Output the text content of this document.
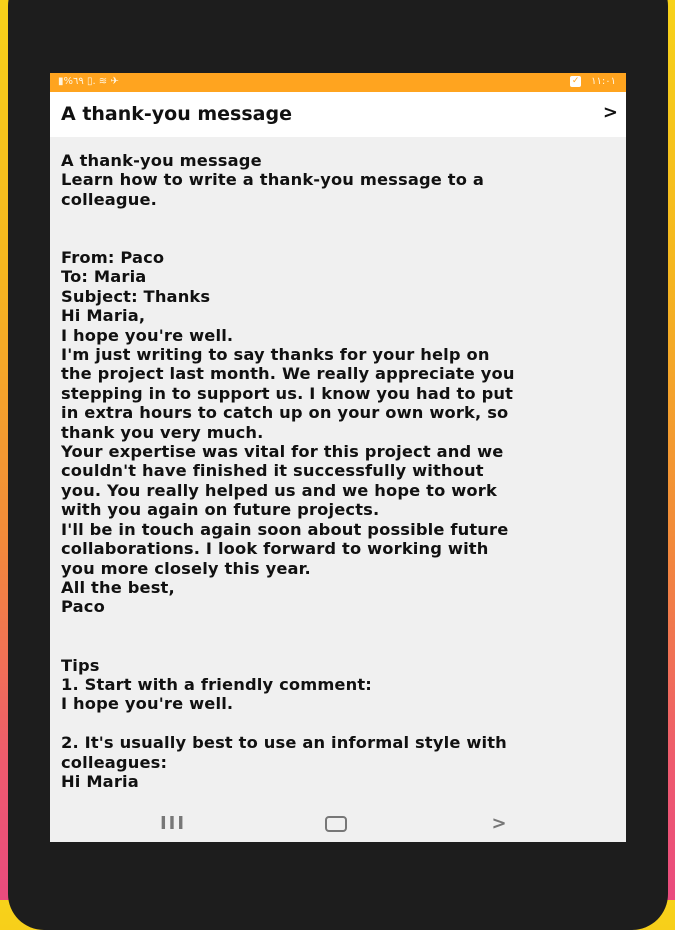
▮%٦٩ ▯. ≋ ✈	✓ ١١:٠١
A thank-you message	>
A thank-you message
Learn how to write a thank-you message to a
colleague.
From: Paco
To: Maria
Subject: Thanks
Hi Maria,
I hope you're well.
I'm just writing to say thanks for your help on
the project last month. We really appreciate you
stepping in to support us. I know you had to put
in extra hours to catch up on your own work, so
thank you very much.
Your expertise was vital for this project and we
couldn't have finished it successfully without
you. You really helped us and we hope to work
with you again on future projects.
I'll be in touch again soon about possible future
collaborations. I look forward to working with
you more closely this year.
All the best,
Paco
Tips
1. Start with a friendly comment:
I hope you're well.
2. It's usually best to use an informal style with
colleagues:
Hi Maria
III	>
